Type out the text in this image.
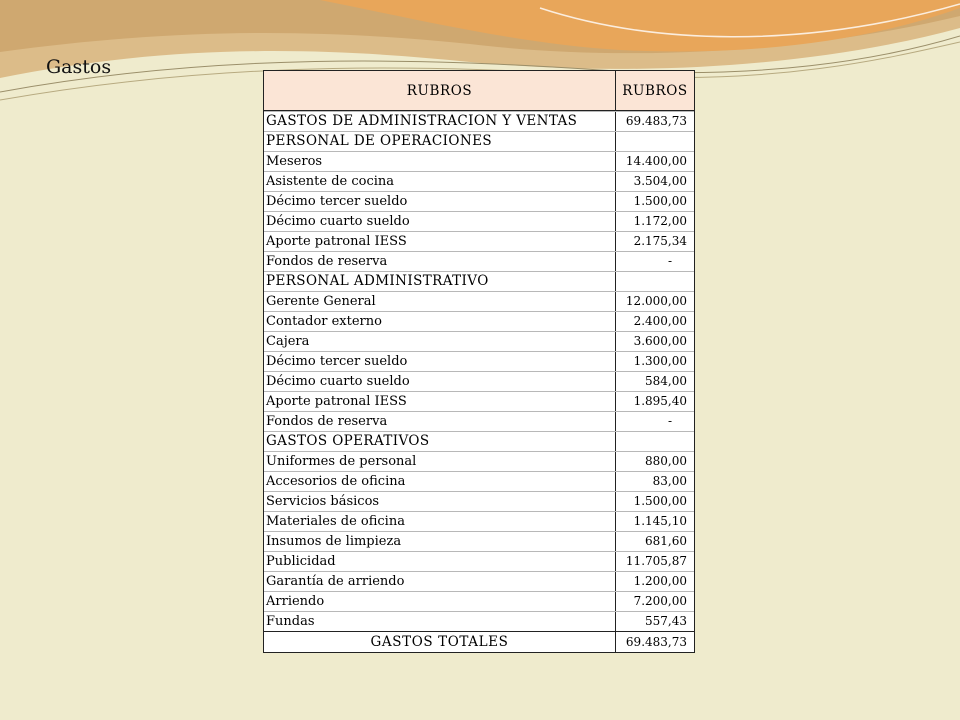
Gastos
RUBROS	RUBROS
GASTOS DE ADMINISTRACION Y VENTAS	69.483,73
PERSONAL DE OPERACIONES
Meseros	14.400,00
Asistente de cocina	3.504,00
Décimo tercer sueldo	1.500,00
Décimo cuarto sueldo	1.172,00
Aporte patronal IESS	2.175,34
Fondos de reserva	-
PERSONAL ADMINISTRATIVO
Gerente General	12.000,00
Contador externo	2.400,00
Cajera	3.600,00
Décimo tercer sueldo	1.300,00
Décimo cuarto sueldo	584,00
Aporte patronal IESS	1.895,40
Fondos de reserva	-
GASTOS OPERATIVOS
Uniformes de personal	880,00
Accesorios de oficina	83,00
Servicios básicos	1.500,00
Materiales de oficina	1.145,10
Insumos de limpieza	681,60
Publicidad	11.705,87
Garantía de arriendo	1.200,00
Arriendo	7.200,00
Fundas	557,43
GASTOS TOTALES	69.483,73
